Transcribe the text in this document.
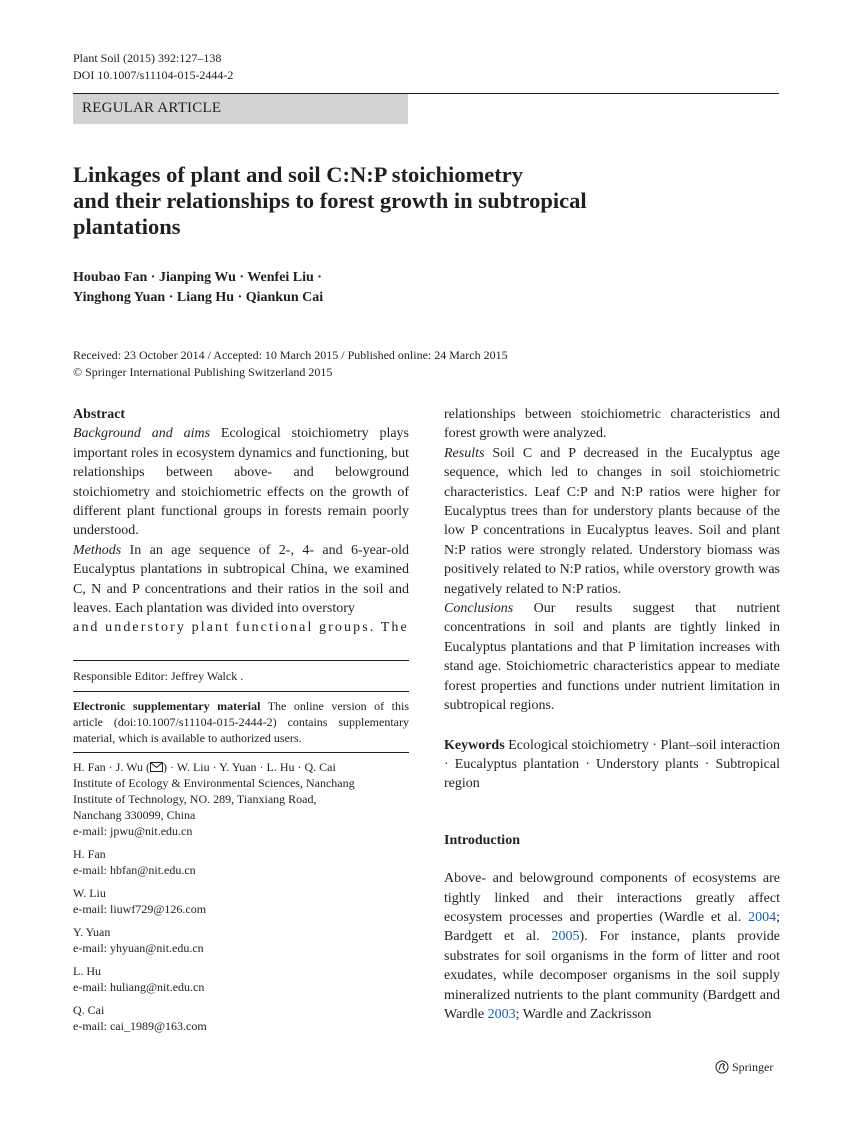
Plant Soil (2015) 392:127–138
DOI 10.1007/s11104-015-2444-2
REGULAR ARTICLE
Linkages of plant and soil C:N:P stoichiometry
and their relationships to forest growth in subtropical
plantations
Houbao Fan · Jianping Wu · Wenfei Liu ·
Yinghong Yuan · Liang Hu · Qiankun Cai
Received: 23 October 2014 / Accepted: 10 March 2015 / Published online: 24 March 2015
© Springer International Publishing Switzerland 2015
Abstract

Background and aims Ecological stoichiometry plays important roles in ecosystem dynamics and functioning, but relationships between above- and belowground stoichiometry and stoichiometric effects on the growth of different plant functional groups in forests remain poorly understood.

Methods In an age sequence of 2-, 4- and 6-year-old Eucalyptus plantations in subtropical China, we examined C, N and P concentrations and their ratios in the soil and leaves. Each plantation was divided into overstory

and understory plant functional groups. The
Responsible Editor: Jeffrey Walck .

Electronic supplementary material The online version of this article (doi:10.1007/s11104-015-2444-2) contains supplementary material, which is available to authorized users.

H. Fan · J. Wu ( ) · W. Liu · Y. Yuan · L. Hu · Q. Cai
Institute of Ecology & Environmental Sciences, Nanchang
Institute of Technology, NO. 289, Tianxiang Road,
Nanchang 330099, China
e-mail: jpwu@nit.edu.cn
H. Fan
e-mail: hbfan@nit.edu.cn
W. Liu
e-mail: liuwf729@126.com
Y. Yuan
e-mail: yhyuan@nit.edu.cn
L. Hu
e-mail: huliang@nit.edu.cn
Q. Cai
e-mail: cai_1989@163.com

relationships between stoichiometric characteristics and forest growth were analyzed.

Results Soil C and P decreased in the Eucalyptus age sequence, which led to changes in soil stoichiometric characteristics. Leaf C:P and N:P ratios were higher for Eucalyptus trees than for understory plants because of the low P concentrations in Eucalyptus leaves. Soil and plant N:P ratios were strongly related. Understory biomass was positively related to N:P ratios, while overstory growth was negatively related to N:P ratios.

Conclusions Our results suggest that nutrient concentrations in soil and plants are tightly linked in Eucalyptus plantations and that P limitation increases with stand age. Stoichiometric characteristics appear to mediate forest properties and functions under nutrient limitation in subtropical regions.

Keywords Ecological stoichiometry · Plant–soil interaction · Eucalyptus plantation · Understory plants · Subtropical region

Introduction

Above- and belowground components of ecosystems are tightly linked and their interactions greatly affect ecosystem processes and properties (Wardle et al. 2004; Bardgett et al. 2005). For instance, plants provide substrates for soil organisms in the form of litter and root exudates, while decomposer organisms in the soil supply mineralized nutrients to the plant community (Bardgett and Wardle 2003; Wardle and Zackrisson

Springer
